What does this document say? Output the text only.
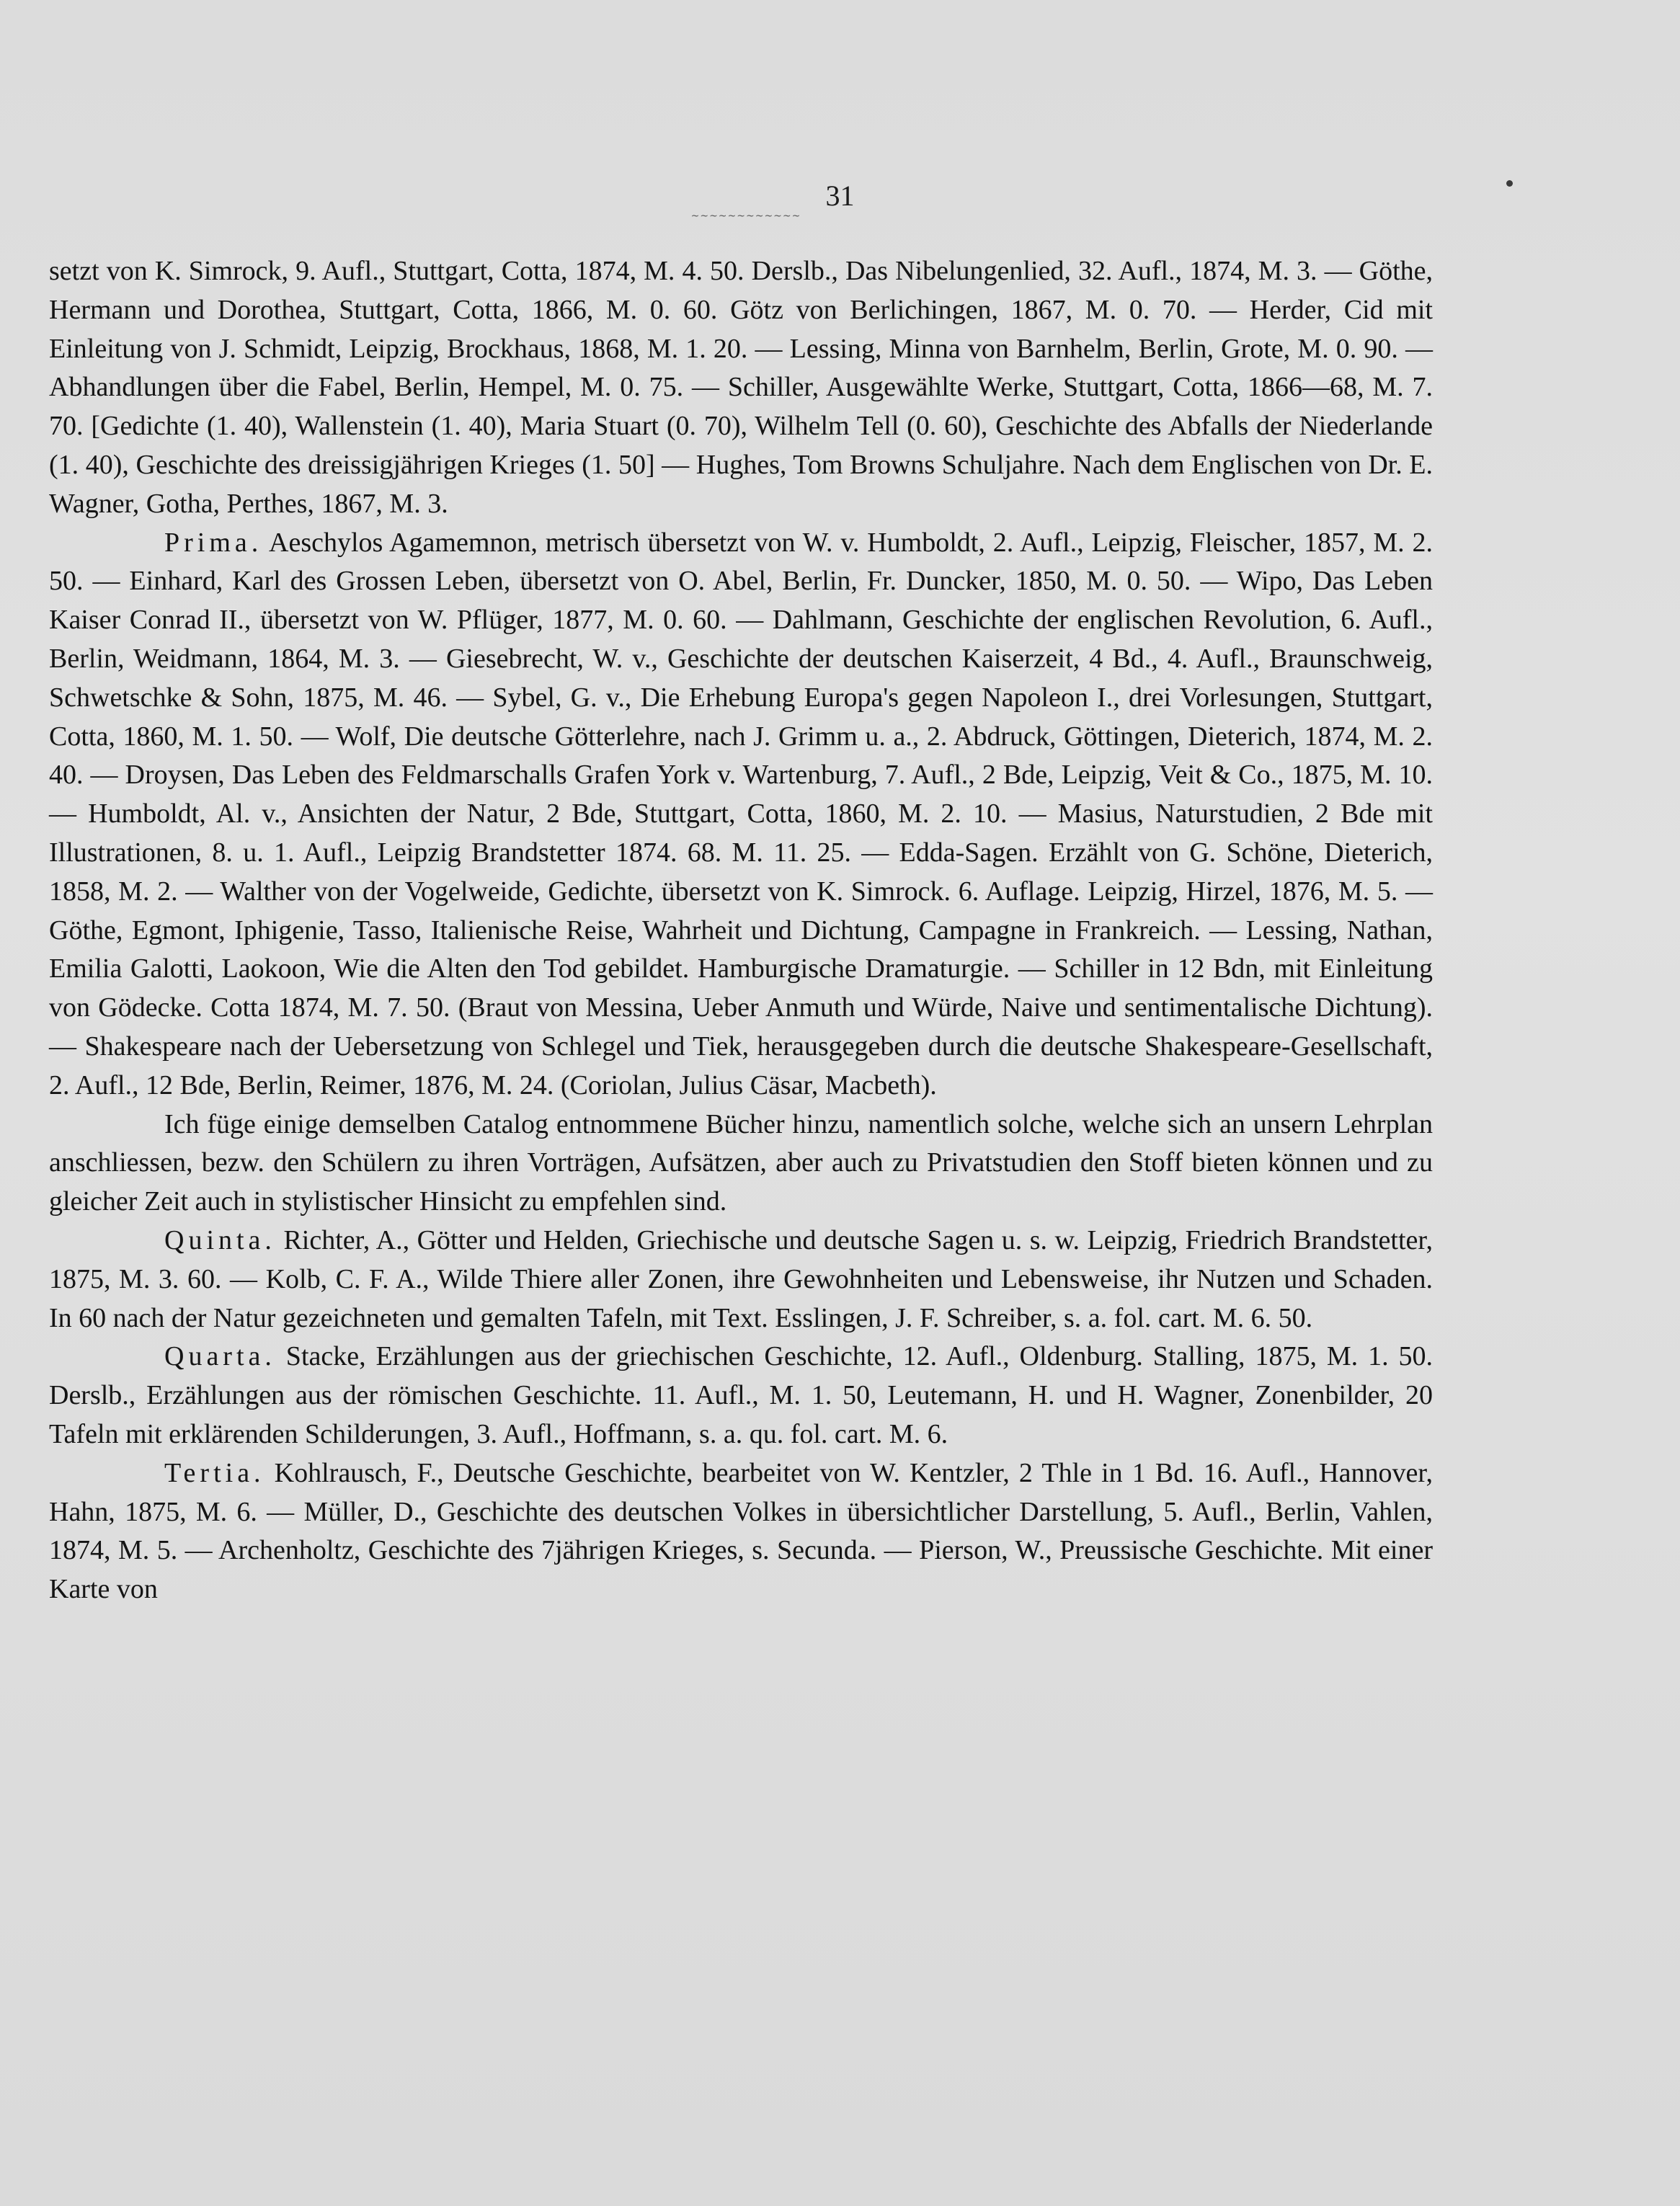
31
~~~~~~~~~~~~

setzt von K. Simrock, 9. Aufl., Stuttgart, Cotta, 1874, M. 4. 50. Derslb., Das Nibelungenlied, 32. Aufl., 1874, M. 3. — Göthe, Hermann und Dorothea, Stuttgart, Cotta, 1866, M. 0. 60. Götz von Berlichingen, 1867, M. 0. 70. — Herder, Cid mit Einleitung von J. Schmidt, Leipzig, Brockhaus, 1868, M. 1. 20. — Lessing, Minna von Barnhelm, Berlin, Grote, M. 0. 90. — Abhandlungen über die Fabel, Berlin, Hempel, M. 0. 75. — Schiller, Ausgewählte Werke, Stuttgart, Cotta, 1866—68, M. 7. 70. [Gedichte (1. 40), Wallenstein (1. 40), Maria Stuart (0. 70), Wilhelm Tell (0. 60), Geschichte des Abfalls der Niederlande (1. 40), Geschichte des dreissigjährigen Krieges (1. 50] — Hughes, Tom Browns Schuljahre. Nach dem Englischen von Dr. E. Wagner, Gotha, Perthes, 1867, M. 3.

Prima. Aeschylos Agamemnon, metrisch übersetzt von W. v. Humboldt, 2. Aufl., Leipzig, Fleischer, 1857, M. 2. 50. — Einhard, Karl des Grossen Leben, übersetzt von O. Abel, Berlin, Fr. Duncker, 1850, M. 0. 50. — Wipo, Das Leben Kaiser Conrad II., übersetzt von W. Pflüger, 1877, M. 0. 60. — Dahlmann, Geschichte der englischen Revolution, 6. Aufl., Berlin, Weidmann, 1864, M. 3. — Giesebrecht, W. v., Geschichte der deutschen Kaiserzeit, 4 Bd., 4. Aufl., Braunschweig, Schwetschke & Sohn, 1875, M. 46. — Sybel, G. v., Die Erhebung Europa's gegen Napoleon I., drei Vorlesungen, Stuttgart, Cotta, 1860, M. 1. 50. — Wolf, Die deutsche Götterlehre, nach J. Grimm u. a., 2. Abdruck, Göttingen, Dieterich, 1874, M. 2. 40. — Droysen, Das Leben des Feldmarschalls Grafen York v. Wartenburg, 7. Aufl., 2 Bde, Leipzig, Veit & Co., 1875, M. 10. — Humboldt, Al. v., Ansichten der Natur, 2 Bde, Stuttgart, Cotta, 1860, M. 2. 10. — Masius, Naturstudien, 2 Bde mit Illustrationen, 8. u. 1. Aufl., Leipzig Brandstetter 1874. 68. M. 11. 25. — Edda-Sagen. Erzählt von G. Schöne, Dieterich, 1858, M. 2. — Walther von der Vogelweide, Gedichte, übersetzt von K. Simrock. 6. Auflage. Leipzig, Hirzel, 1876, M. 5. — Göthe, Egmont, Iphigenie, Tasso, Italienische Reise, Wahrheit und Dichtung, Campagne in Frankreich. — Lessing, Nathan, Emilia Galotti, Laokoon, Wie die Alten den Tod gebildet. Hamburgische Dramaturgie. — Schiller in 12 Bdn, mit Einleitung von Gödecke. Cotta 1874, M. 7. 50. (Braut von Messina, Ueber Anmuth und Würde, Naive und sentimentalische Dichtung). — Shakespeare nach der Uebersetzung von Schlegel und Tiek, herausgegeben durch die deutsche Shakespeare-Gesellschaft, 2. Aufl., 12 Bde, Berlin, Reimer, 1876, M. 24. (Coriolan, Julius Cäsar, Macbeth).

Ich füge einige demselben Catalog entnommene Bücher hinzu, namentlich solche, welche sich an unsern Lehrplan anschliessen, bezw. den Schülern zu ihren Vorträgen, Aufsätzen, aber auch zu Privatstudien den Stoff bieten können und zu gleicher Zeit auch in stylistischer Hinsicht zu empfehlen sind.

Quinta. Richter, A., Götter und Helden, Griechische und deutsche Sagen u. s. w. Leipzig, Friedrich Brandstetter, 1875, M. 3. 60. — Kolb, C. F. A., Wilde Thiere aller Zonen, ihre Gewohnheiten und Lebensweise, ihr Nutzen und Schaden. In 60 nach der Natur gezeichneten und gemalten Tafeln, mit Text. Esslingen, J. F. Schreiber, s. a. fol. cart. M. 6. 50.

Quarta. Stacke, Erzählungen aus der griechischen Geschichte, 12. Aufl., Oldenburg. Stalling, 1875, M. 1. 50. Derslb., Erzählungen aus der römischen Geschichte. 11. Aufl., M. 1. 50, Leutemann, H. und H. Wagner, Zonenbilder, 20 Tafeln mit erklärenden Schilderungen, 3. Aufl., Hoffmann, s. a. qu. fol. cart. M. 6.

Tertia. Kohlrausch, F., Deutsche Geschichte, bearbeitet von W. Kentzler, 2 Thle in 1 Bd. 16. Aufl., Hannover, Hahn, 1875, M. 6. — Müller, D., Geschichte des deutschen Volkes in übersichtlicher Darstellung, 5. Aufl., Berlin, Vahlen, 1874, M. 5. — Archenholtz, Geschichte des 7jährigen Krieges, s. Secunda. — Pierson, W., Preussische Geschichte. Mit einer Karte von
